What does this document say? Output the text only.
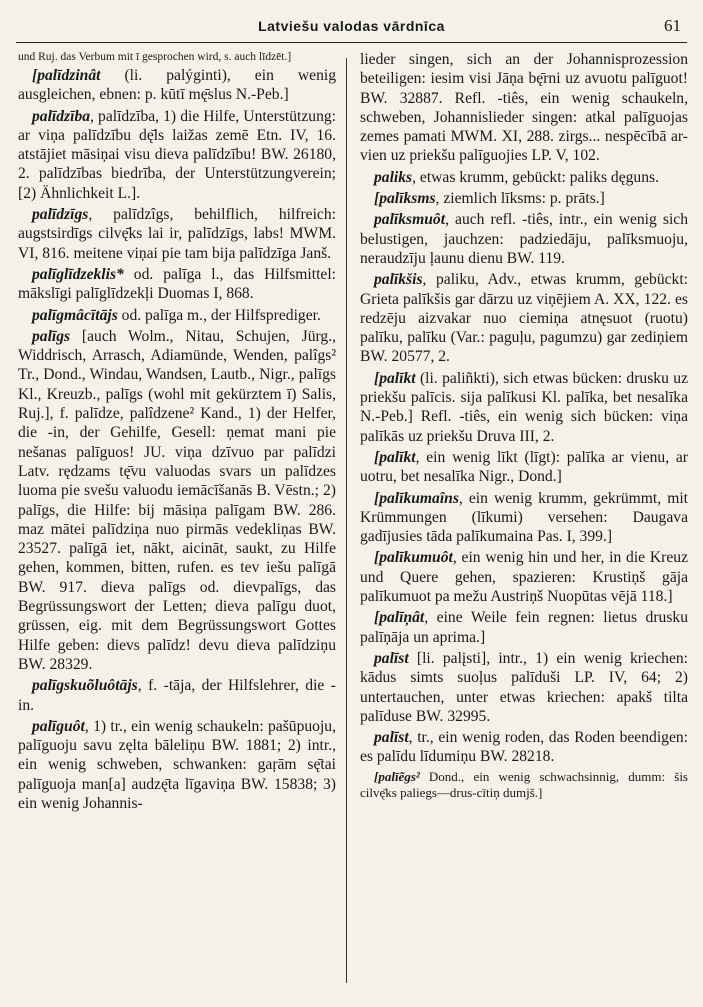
Latviešu valodas vārdnīca	61

und Ruj. das Verbum mit ī gesprochen wird, s. auch līdzēt.]

[palīdzinât (li. palýginti), ein wenig ausgleichen, ebnen: p. kūtī mę̄slus N.-Peb.]

palīdzība, palīdzība, 1) die Hilfe, Unterstützung: ar viņa palīdzību dę̄ls laižas zemē Etn. IV, 16. atstājiet māsiņai visu dieva palīdzību! BW. 26180, 2. palīdzības biedrība, der Unterstützungverein; [2) Ähnlichkeit L.].

palīdzīgs, palīdzîgs, behilflich, hilfreich: augstsirdīgs cilvę̄ks lai ir, palīdzīgs, labs! MWM. VI, 816. meitene viņai pie tam bija palīdzīga Janš.

palīglīdzeklis* od. palīga l., das Hilfsmittel: mākslīgi palīglīdzekļi Duomas I, 868.

palīgmâcītājs od. palīga m., der Hilfsprediger.

palīgs [auch Wolm., Nitau, Schujen, Jürg., Widdrisch, Arrasch, Adiamünde, Wenden, palîgs² Tr., Dond., Windau, Wandsen, Lautb., Nigr., palīgs Kl., Kreuzb., palīgs (wohl mit gekürztem ī) Salis, Ruj.], f. palīdze, palîdzene² Kand., 1) der Helfer, die -in, der Gehilfe, Gesell: ņemat mani pie nešanas palīguos! JU. viņa dzīvuo par palīdzi Latv. rędzams tę̄vu valuodas svars un palīdzes luoma pie svešu valuodu iemācīšanās B. Vēstn.; 2) palīgs, die Hilfe: bij māsiņa palīgam BW. 286. maz mātei palīdziņa nuo pirmās vedekliņas BW. 23527. palīgā iet, nākt, aicināt, saukt, zu Hilfe gehen, kommen, bitten, rufen. es tev iešu palīgā BW. 917. dieva palīgs od. dievpalīgs, das Begrüssungswort der Letten; dieva palīgu duot, grüssen, eig. mit dem Begrüssungswort Gottes Hilfe geben: dievs palīdz! devu dieva palīdziņu BW. 28329.

palīgskuõluôtājs, f. -tāja, der Hilfslehrer, die -in.

palīguôt, 1) tr., ein wenig schaukeln: pašūpuoju, palīguoju savu zęlta bāleliņu BW. 1881; 2) intr., ein wenig schweben, schwanken: gaŗām sę̄tai palīguoja man[a] audzę̄ta līgaviņa BW. 15838; 3) ein wenig Johannis-

lieder singen, sich an der Johannisprozession beteiligen: iesim visi Jāņa bę̄rni uz avuotu palīguot! BW. 32887. Refl. -tiês, ein wenig schaukeln, schweben, Johannislieder singen: atkal palīguojas zemes pamati MWM. XI, 288. zirgs... nespēcībā ar-vien uz priekšu palīguojies LP. V, 102.

paliks, etwas krumm, gebückt: paliks dęguns.

[palīksms, ziemlich līksms: p. prāts.]

palīksmuôt, auch refl. -tiês, intr., ein wenig sich belustigen, jauchzen: padziedāju, palīksmuoju, neraudzīju ļaunu dienu BW. 119.

palīkšis, paliku, Adv., etwas krumm, gebückt: Grieta palīkšis gar dārzu uz viņējiem A. XX, 122. es redzēju aizvakar nuo ciemiņa atnęsuot (ruotu) palīku, palīku (Var.: paguļu, pagumzu) gar zediņiem BW. 20577, 2.

[palīkt (li. paliñkti), sich etwas bücken: drusku uz priekšu palīcis. sija palīkusi Kl. palīka, bet nesalīka N.-Peb.] Refl. -tiês, ein wenig sich bücken: viņa palīkās uz priekšu Druva III, 2.

[palīkt, ein wenig līkt (līgt): palīka ar vienu, ar uotru, bet nesalīka Nigr., Dond.]

[palīkumaîns, ein wenig krumm, gekrümmt, mit Krümmungen (līkumi) versehen: Daugava gadījusies tāda palīkumaina Pas. I, 399.]

[palīkumuôt, ein wenig hin und her, in die Kreuz und Quere gehen, spazieren: Krustiņš gāja palīkumuot pa mežu Austriņš Nuopūtas vējā 118.]

[palīņât, eine Weile fein regnen: lietus drusku palīņāja un aprima.]

palīst [li. palįsti], intr., 1) ein wenig kriechen: kādus simts suoļus palīduši LP. IV, 64; 2) untertauchen, unter etwas kriechen: apakš tilta palīduse BW. 32995.

palīst, tr., ein wenig roden, das Roden beendigen: es palīdu līdumiņu BW. 28218.

[palīẽgs² Dond., ein wenig schwachsinnig, dumm: šis cilvę̄ks paliegs—drus-cītiņ dumjš.]
